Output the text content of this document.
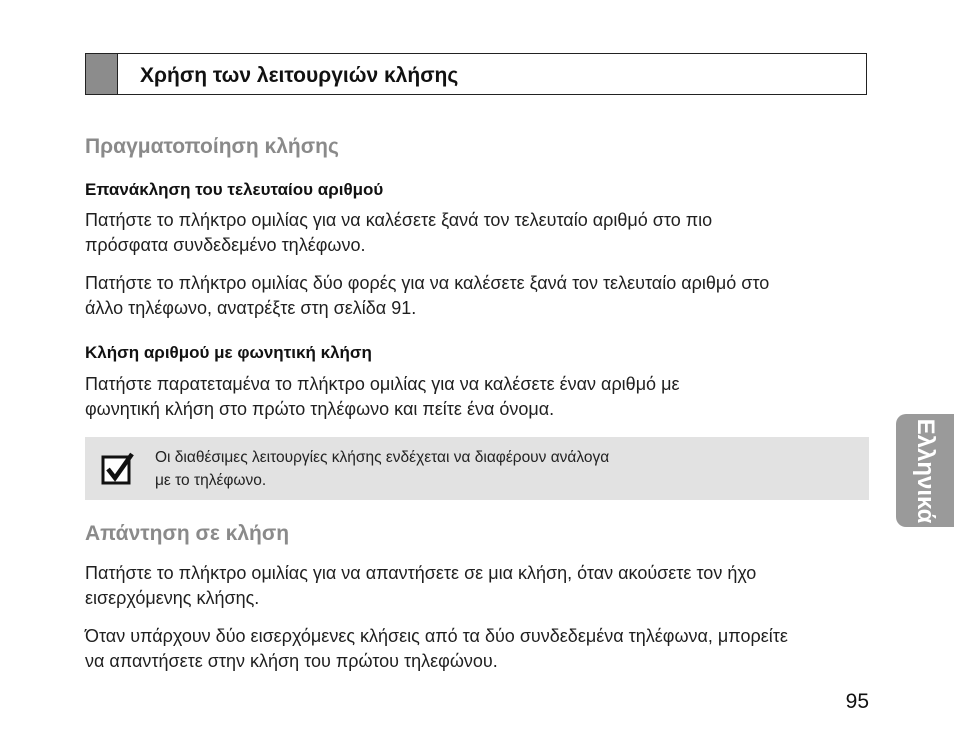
Χρήση των λειτουργιών κλήσης
Πραγματοποίηση κλήσης
Επανάκληση του τελευταίου αριθμού
Πατήστε το πλήκτρο ομιλίας για να καλέσετε ξανά τον τελευταίο αριθμό στο πιο
πρόσφατα συνδεδεμένο τηλέφωνο.
Πατήστε το πλήκτρο ομιλίας δύο φορές για να καλέσετε ξανά τον τελευταίο αριθμό στο
άλλο τηλέφωνο, ανατρέξτε στη σελίδα 91.
Κλήση αριθμού με φωνητική κλήση
Πατήστε παρατεταμένα το πλήκτρο ομιλίας για να καλέσετε έναν αριθμό με
φωνητική κλήση στο πρώτο τηλέφωνο και πείτε ένα όνομα.
Οι διαθέσιμες λειτουργίες κλήσης ενδέχεται να διαφέρουν ανάλογα
με το τηλέφωνο.
Απάντηση σε κλήση
Πατήστε το πλήκτρο ομιλίας για να απαντήσετε σε μια κλήση, όταν ακούσετε τον ήχο
εισερχόμενης κλήσης.
Όταν υπάρχουν δύο εισερχόμενες κλήσεις από τα δύο συνδεδεμένα τηλέφωνα, μπορείτε
να απαντήσετε στην κλήση του πρώτου τηλεφώνου.
Ελληνικά
95
